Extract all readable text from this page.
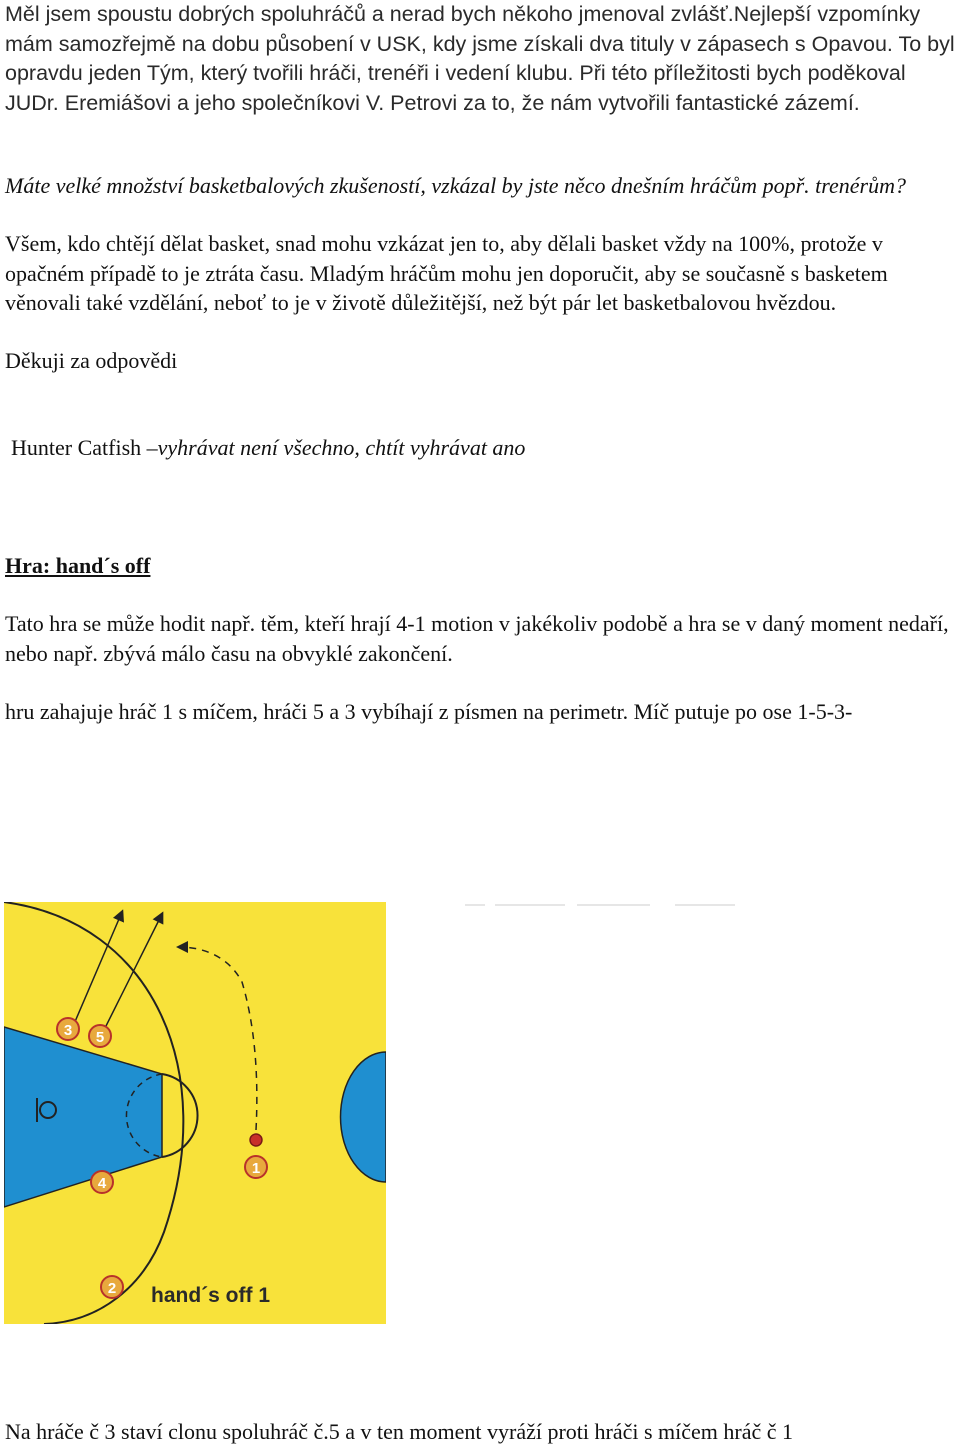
Měl jsem spoustu dobrých spoluhráčů a nerad bych někoho jmenoval zvlášť.Nejlepší vzpomínky mám samozřejmě na dobu působení v USK, kdy jsme získali dva tituly v zápasech s Opavou. To byl opravdu jeden Tým, který tvořili hráči, trenéři i vedení klubu. Při této příležitosti bych poděkoval JUDr. Eremiášovi a jeho společníkovi V. Petrovi za to, že nám vytvořili fantastické zázemí.

Máte velké množství basketbalových zkušeností, vzkázal by jste něco dnešním hráčům popř. trenérům?

Všem, kdo chtějí dělat basket, snad mohu vzkázat jen to, aby dělali basket vždy na 100%, protože v opačném případě to je ztráta času. Mladým hráčům mohu jen doporučit, aby se současně s basketem věnovali také vzdělání, neboť to je v životě důležitější, než být pár let basketbalovou hvězdou.

Děkuji za odpovědi

Hunter Catfish –vyhrávat není všechno, chtít vyhrávat ano

Hra: hand´s off

Tato hra se může hodit např. těm, kteří hrají 4-1 motion v jakékoliv podobě a hra se v daný moment nedaří, nebo např. zbývá málo času na obvyklé zakončení.

hru zahajuje hráč 1 s míčem, hráči 5 a 3 vybíhají z písmen na perimetr. Míč putuje po ose 1-5-3-

3 5
4
1
2 hand´s off 1

Na hráče č 3 staví clonu spoluhráč č.5 a v ten moment vyráží proti hráči s míčem hráč č 1
